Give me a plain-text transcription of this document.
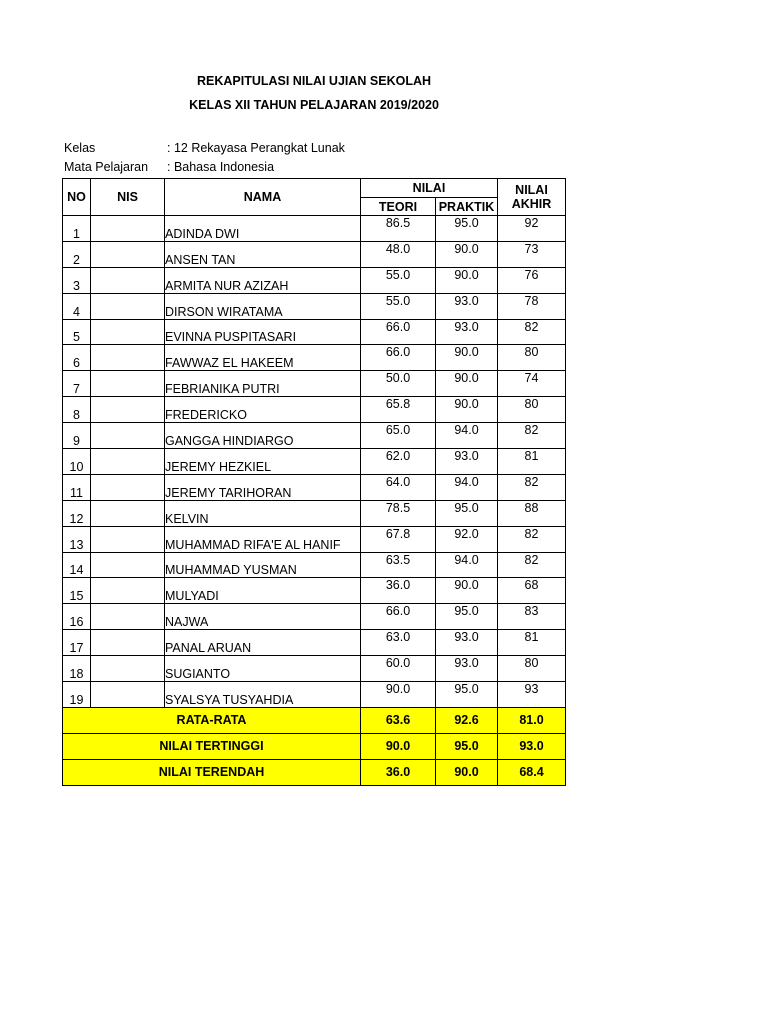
REKAPITULASI NILAI UJIAN SEKOLAH
KELAS XII TAHUN PELAJARAN 2019/2020
Kelas	: 12 Rekayasa Perangkat Lunak
Mata Pelajaran : Bahasa Indonesia
NO	NIS	NAMA	NILAI		NILAI
AKHIR
			TEORI	PRAKTIK	
1		ADINDA DWI	86.5	95.0	92
2		ANSEN TAN	48.0	90.0	73
3		ARMITA NUR AZIZAH	55.0	90.0	76
4		DIRSON WIRATAMA	55.0	93.0	78
5		EVINNA PUSPITASARI	66.0	93.0	82
6		FAWWAZ EL HAKEEM	66.0	90.0	80
7		FEBRIANIKA PUTRI	50.0	90.0	74
8		FREDERICKO	65.8	90.0	80
9		GANGGA HINDIARGO	65.0	94.0	82
10		JEREMY HEZKIEL	62.0	93.0	81
11		JEREMY TARIHORAN	64.0	94.0	82
12		KELVIN	78.5	95.0	88
13		MUHAMMAD RIFA'E AL HANIF	67.8	92.0	82
14		MUHAMMAD YUSMAN	63.5	94.0	82
15		MULYADI	36.0	90.0	68
16		NAJWA	66.0	95.0	83
17		PANAL ARUAN	63.0	93.0	81
18		SUGIANTO	60.0	93.0	80
19		SYALSYA TUSYAHDIA	90.0	95.0	93
RATA-RATA			63.6	92.6	81.0
NILAI TERTINGGI			90.0	95.0	93.0
NILAI TERENDAH			36.0	90.0	68.4
